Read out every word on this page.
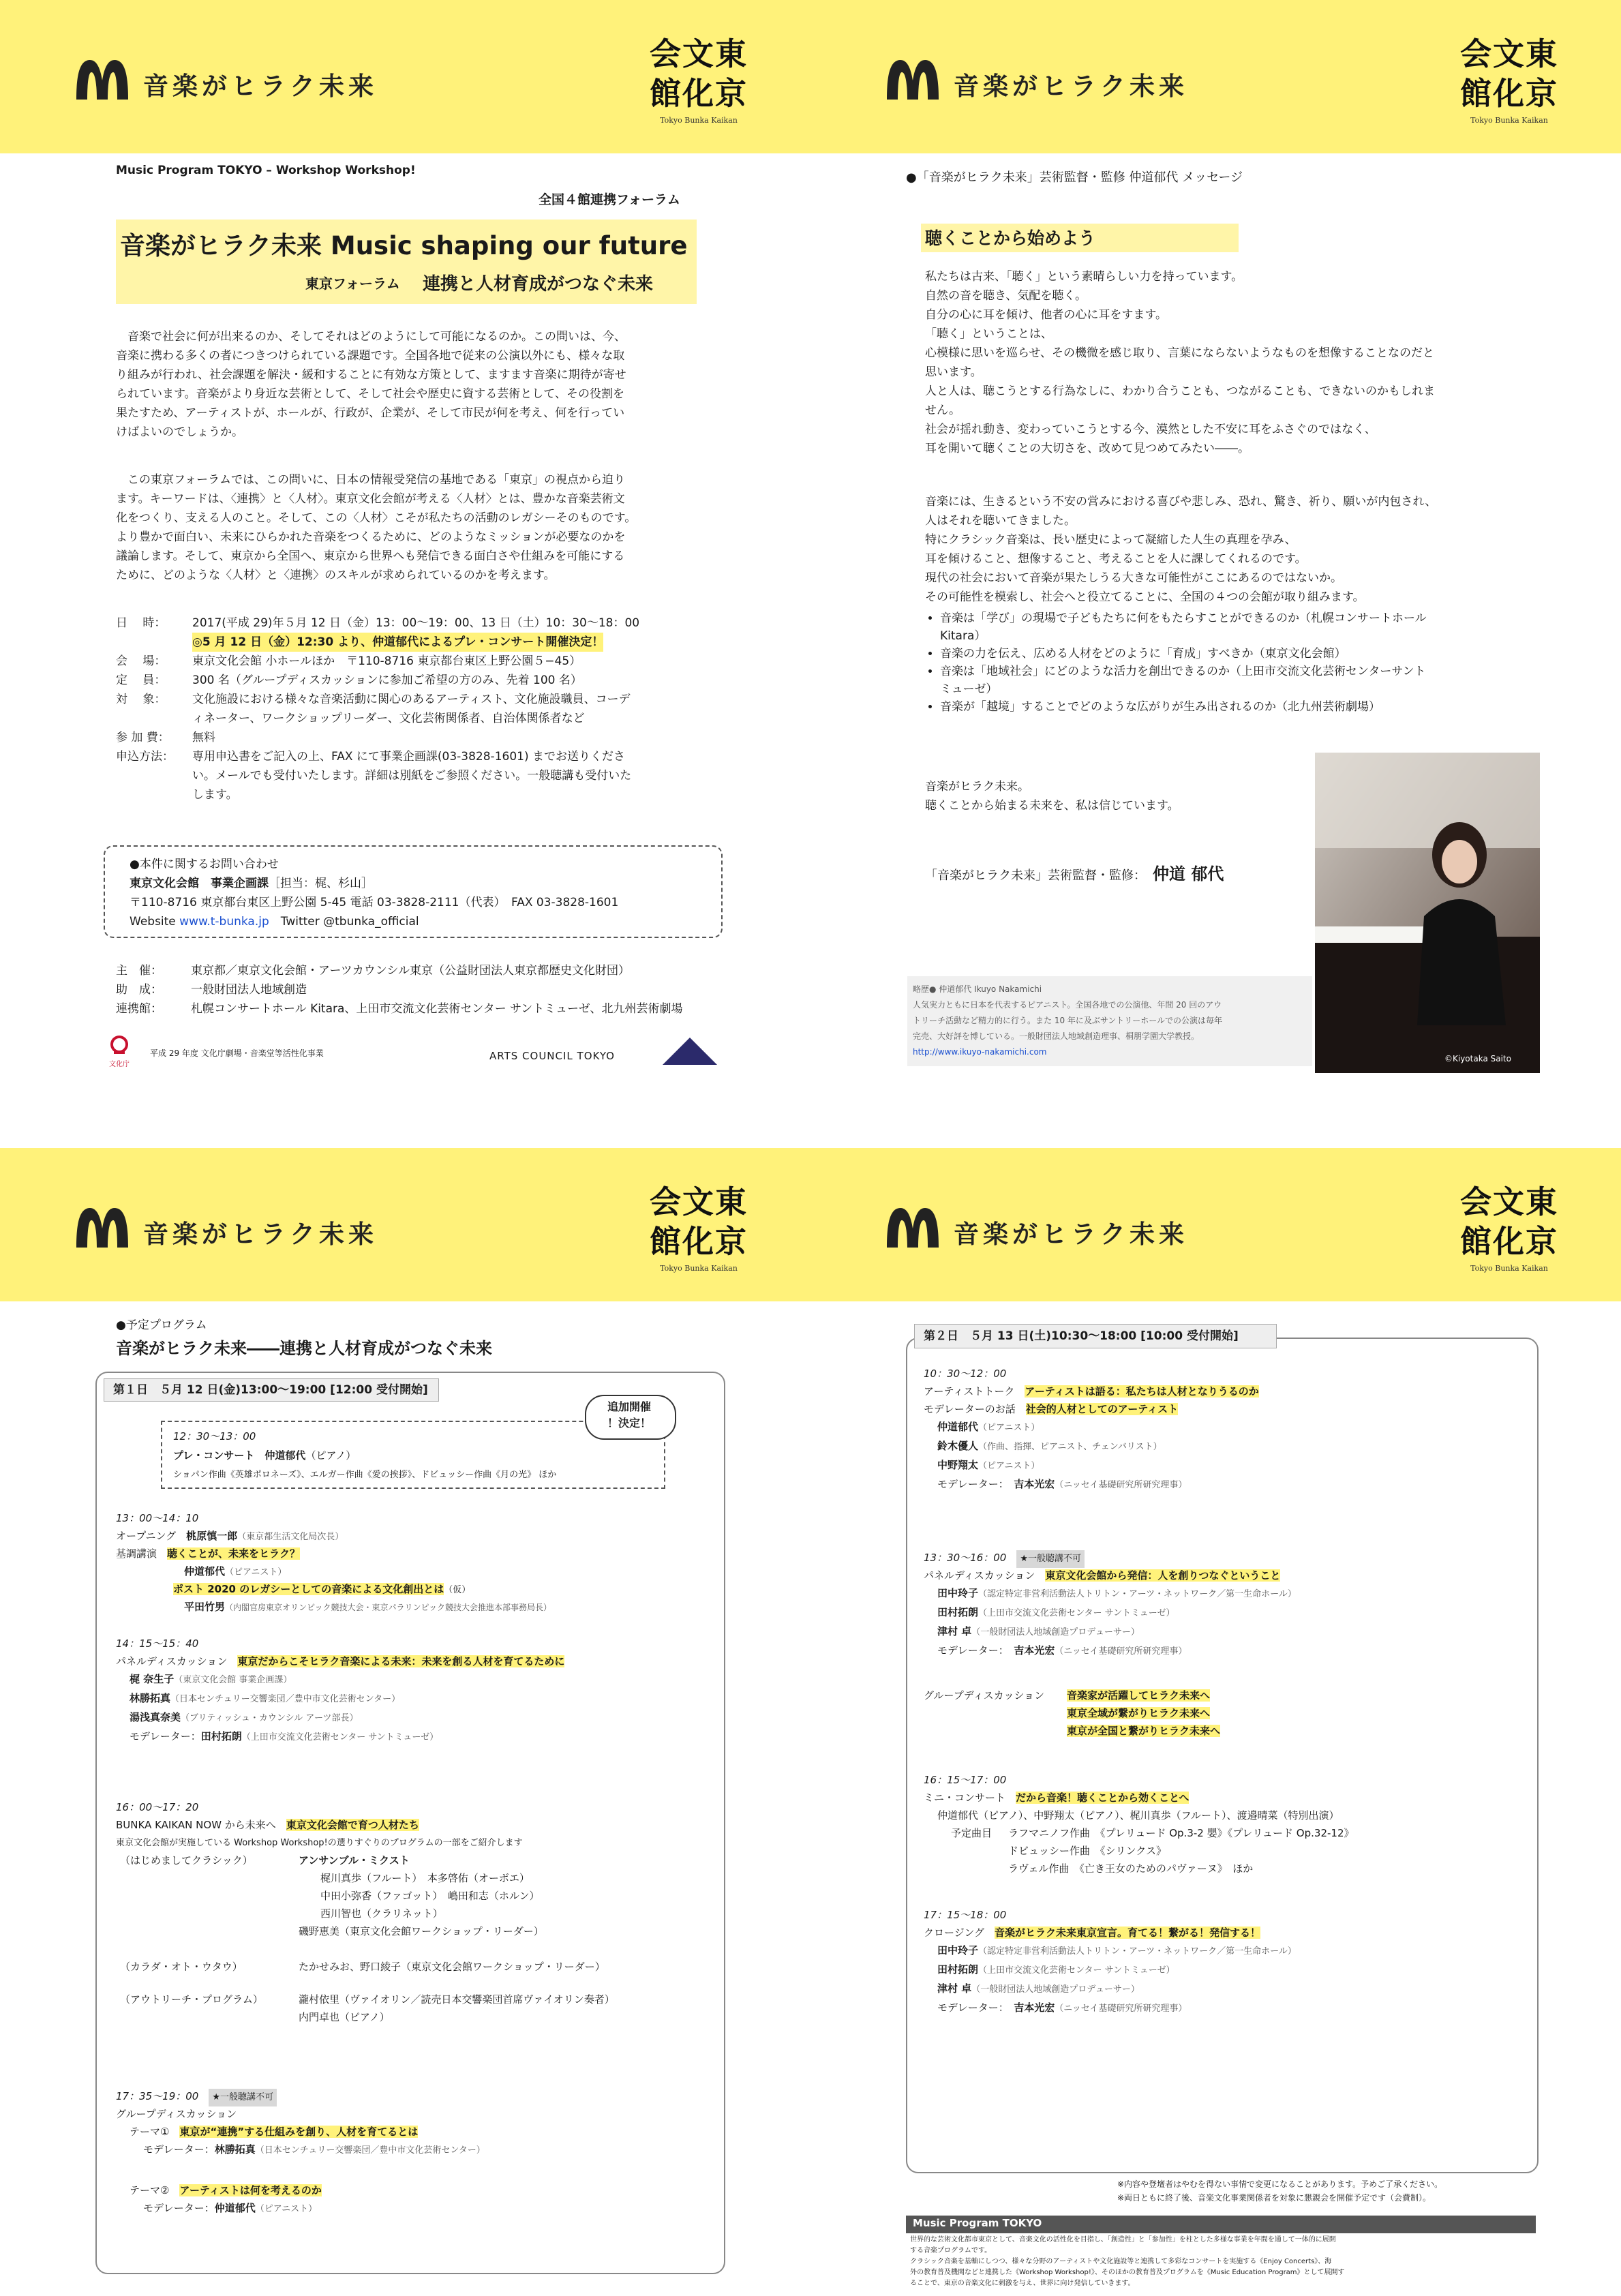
音楽がヒラク未来
会文東
館化京
Tokyo Bunka Kaikan
Music Program TOKYO – Workshop Workshop!
全国４館連携フォーラム
音楽がヒラク未来 Music shaping our future
東京フォーラム 連携と人材育成がつなぐ未来
　音楽で社会に何が出来るのか、そしてそれはどのようにして可能になるのか。この問いは、今、
音楽に携わる多くの者につきつけられている課題です。全国各地で従来の公演以外にも、様々な取
り組みが行われ、社会課題を解決・緩和することに有効な方策として、ますます音楽に期待が寄せ
られています。音楽がより身近な芸術として、そして社会や歴史に資する芸術として、その役割を
果たすため、アーティストが、ホールが、行政が、企業が、そして市民が何を考え、何を行ってい
けばよいのでしょうか。
　この東京フォーラムでは、この問いに、日本の情報受発信の基地である「東京」の視点から迫り
ます。キーワードは、〈連携〉と〈人材〉。東京文化会館が考える〈人材〉とは、豊かな音楽芸術文
化をつくり、支える人のこと。そして、この〈人材〉こそが私たちの活動のレガシーそのものです。
より豊かで面白い、未来にひらかれた音楽をつくるために、どのようなミッションが必要なのかを
議論します。そして、東京から全国へ、東京から世界へも発信できる面白さや仕組みを可能にする
ために、どのような〈人材〉と〈連携〉のスキルが求められているのかを考えます。
日　 時：	2017(平成 29)年５月 12 日（金）13：00～19：00、13 日（土）10：30～18：00
◎5 月 12 日（金）12:30 より、仲道郁代によるプレ・コンサート開催決定！
会　 場：	東京文化会館 小ホールほか　〒110-8716 東京都台東区上野公園５−45）
定　 員：	300 名（グループディスカッションに参加ご希望の方のみ、先着 100 名）
対　 象：	文化施設における様々な音楽活動に関心のあるアーティスト、文化施設職員、コーデ
ィネーター、ワークショップリーダー、文化芸術関係者、自治体関係者など
参 加 費：	無料
申込方法：	専用申込書をご記入の上、FAX にて事業企画課(03-3828-1601) までお送りくださ
い。メールでも受付いたします。詳細は別紙をご参照ください。一般聴講も受付いた
します。
●本件に関するお問い合わせ
東京文化会館　事業企画課［担当：梶、杉山］
〒110-8716 東京都台東区上野公園 5-45 電話 03-3828-2111（代表）　FAX 03-3828-1601
Website www.t-bunka.jp　Twitter @tbunka_official
主　催：	東京都／東京文化会館・アーツカウンシル東京（公益財団法人東京都歴史文化財団）
助　成：	一般財団法人地域創造
連携館：	札幌コンサートホール Kitara、上田市交流文化芸術センター サントミューゼ、北九州芸術劇場
文化庁
平成 29 年度 文化庁劇場・音楽堂等活性化事業	ARTS COUNCIL TOKYO
音楽がヒラク未来
会文東
館化京
Tokyo Bunka Kaikan
●「音楽がヒラク未来」芸術監督・監修 仲道郁代 メッセージ
聴くことから始めよう
私たちは古来、「聴く」という素晴らしい力を持っています。
自然の音を聴き、気配を聴く。
自分の心に耳を傾け、他者の心に耳をすます。
「聴く」ということは、
心模様に思いを巡らせ、その機微を感じ取り、言葉にならないようなものを想像することなのだと
思います。
人と人は、聴こうとする行為なしに、わかり合うことも、つながることも、できないのかもしれま
せん。
社会が揺れ動き、変わっていこうとする今、漠然とした不安に耳をふさぐのではなく、
耳を開いて聴くことの大切さを、改めて見つめてみたい――。
音楽には、生きるという不安の営みにおける喜びや悲しみ、恐れ、驚き、祈り、願いが内包され、
人はそれを聴いてきました。
特にクラシック音楽は、長い歴史によって凝縮した人生の真理を孕み、
耳を傾けること、想像すること、考えることを人に課してくれるのです。
現代の社会において音楽が果たしうる大きな可能性がここにあるのではないか。
その可能性を模索し、社会へと役立てることに、全国の４つの会館が取り組みます。
• 音楽は「学び」の現場で子どもたちに何をもたらすことができるのか（札幌コンサートホール
Kitara）
• 音楽の力を伝え、広める人材をどのように「育成」すべきか（東京文化会館）
• 音楽は「地域社会」にどのような活力を創出できるのか（上田市交流文化芸術センターサント
ミューゼ）
• 音楽が「越境」することでどのような広がりが生み出されるのか（北九州芸術劇場）
音楽がヒラク未来。
聴くことから始まる未来を、私は信じています。
「音楽がヒラク未来」芸術監督・監修： 仲道 郁代
©Kiyotaka Saito
略歴● 仲道郁代 Ikuyo Nakamichi
人気実力ともに日本を代表するピアニスト。全国各地での公演他、年間 20 回のアウ
トリーチ活動など精力的に行う。また 10 年に及ぶサントリーホールでの公演は毎年
完売、大好評を博している。一般財団法人地域創造理事、桐朋学園大学教授。
http://www.ikuyo-nakamichi.com
音楽がヒラク未来
会文東
館化京
Tokyo Bunka Kaikan
●予定プログラム
音楽がヒラク未来――連携と人材育成がつなぐ未来
第１日　５月 12 日(金)13:00～19:00 [12:00 受付開始]
追加開催
！決定！
12：30～13：00
プレ・コンサート　 仲道郁代（ピアノ）
ショパン作曲《英雄ポロネーズ》、エルガー作曲《愛の挨拶》、ドビュッシー作曲《月の光》 ほか
13：00～14：10
オープニング　 桃原慎一郎（東京都生活文化局次長）
基調講演　 聴くことが、未来をヒラク？
仲道郁代（ピアニスト）
ポスト 2020 のレガシーとしての音楽による文化創出とは（仮）
平田竹男（内閣官房東京オリンピック競技大会・東京パラリンピック競技大会推進本部事務局長）
14：15～15：40
パネルディスカッション　 東京だからこそヒラク音楽による未来：未来を創る人材を育てるために
梶 奈生子（東京文化会館 事業企画課）
林勝拓真（日本センチュリー交響楽団／豊中市文化芸術センター）
湯浅真奈美（ブリティッシュ・カウンシル アーツ部長）
モデレーター：田村拓朗（上田市交流文化芸術センター サントミューゼ）
16：00～17：20
BUNKA KAIKAN NOW から未来へ　 東京文化会館で育つ人材たち
東京文化会館が実施している Workshop Workshop!の選りすぐりのプログラムの一部をご紹介します
（はじめましてクラシック）	アンサンブル・ミクスト
梶川真歩（フルート）　本多啓佑（オーボエ）
中田小弥香（ファゴット）　嶋田和志（ホルン）
西川智也（クラリネット）
磯野恵美（東京文化会館ワークショップ・リーダー）
（カラダ・オト・ウタウ）	たかせみお、野口綾子（東京文化会館ワークショップ・リーダー）
（アウトリーチ・プログラム）	瀧村依里（ヴァイオリン／読売日本交響楽団首席ヴァイオリン奏者）
内門卓也（ピアノ）
17：35～19：00　 ★一般聴講不可
グループディスカッション
テーマ①　 東京が“連携”する仕組みを創り、人材を育てるとは
モデレーター：林勝拓真（日本センチュリー交響楽団／豊中市文化芸術センター）
テーマ②　 アーティストは何を考えるのか
モデレーター：仲道郁代（ピアニスト）
音楽がヒラク未来
会文東
館化京
Tokyo Bunka Kaikan
第２日　５月 13 日(土)10:30～18:00 [10:00 受付開始]
10：30～12：00
アーティストトーク　 アーティストは語る：私たちは人材となりうるのか
モデレーターのお話　 社会的人材としてのアーティスト
仲道郁代（ピアニスト）
鈴木優人（作曲、指揮、ピアニスト、チェンバリスト）
中野翔太（ピアニスト）
モデレーター：　 吉本光宏（ニッセイ基礎研究所研究理事）
13：30～16：00　 ★一般聴講不可
パネルディスカッション　 東京文化会館から発信：人を創りつなぐということ
田中玲子（認定特定非営利活動法人トリトン・アーツ・ネットワーク／第一生命ホール）
田村拓朗（上田市交流文化芸術センター サントミューゼ）
津村 卓（一般財団法人地域創造プロデューサー）
モデレーター：　 吉本光宏（ニッセイ基礎研究所研究理事）
グループディスカッション 音楽家が活躍してヒラク未来へ
東京全域が繋がりヒラク未来へ
東京が全国と繋がりヒラク未来へ
16：15～17：00
ミニ・コンサート　 だから音楽！聴くことから効くことへ
仲道郁代（ピアノ）、中野翔太（ピアノ）、梶川真歩（フルート）、渡邉晴菜（特別出演）
予定曲目 ラフマニノフ作曲　《プレリュード Op.3-2 嬰》《プレリュード Op.32-12》
ドビュッシー作曲　《シリンクス》
ラヴェル作曲　《亡き王女のためのパヴァーヌ》　ほか
17：15～18：00
クロージング　 音楽がヒラク未来東京宣言。育てる！繋がる！発信する！
田中玲子（認定特定非営利活動法人トリトン・アーツ・ネットワーク／第一生命ホール）
田村拓朗（上田市交流文化芸術センター サントミューゼ）
津村 卓（一般財団法人地域創造プロデューサー）
モデレーター：　 吉本光宏（ニッセイ基礎研究所研究理事）
※内容や登壇者はやむを得ない事情で変更になることがあります。予めご了承ください。
※両日ともに終了後、音楽文化事業関係者を対象に懇親会を開催予定です（会費制）。
Music Program TOKYO
世界的な芸術文化都市東京として、音楽文化の活性化を目指し、「創造性」と「参加性」を柱とした多様な事業を年間を通して一体的に展開
する音楽プログラムです。
クラシック音楽を基軸にしつつ、様々な分野のアーティストや文化施設等と連携して多彩なコンサートを実施する《Enjoy Concerts》、海
外の教育普及機関などと連携した《Workshop Workshop!》、そのほかの教育普及プログラムを《Music Education Program》として展開す
ることで、東京の音楽文化に刺激を与え、世界に向け発信していきます。
